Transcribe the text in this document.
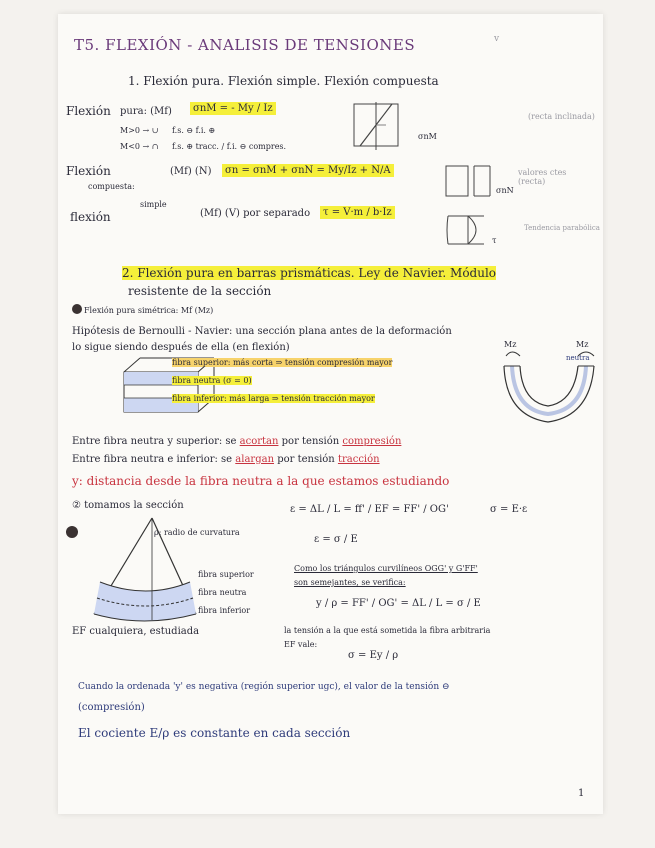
T5. FLEXIÓN - ANALISIS DE TENSIONES	v
1. Flexión pura. Flexión simple. Flexión compuesta
Flexión pura: (Mf)	σnM = - My / Iz
M>0 → ∪ f.s. ⊖ f.i. ⊕
M<0 → ∩ f.s. ⊕ tracc. / f.i. ⊖ compres.
σnM
(recta inclinada)
Flexión
compuesta:
(Mf) (N)	σn = σnM + σnN = My/Iz + N/A
σnN
valores ctes (recta)
flexión
simple
(Mf) (V) por separado	τ = V·m / b·Iz
τ
Tendencia parabólica
2. Flexión pura en barras prismáticas. Ley de Navier. Módulo
resistente de la sección
Flexión pura simétrica: Mf (Mz)
Hipótesis de Bernoulli - Navier: una sección plana antes de la deformación
lo sigue siendo después de ella (en flexión)
fibra superior: más corta ⇒ tensión compresión mayor
fibra neutra (σ = 0)
fibra inferior: más larga ⇒ tensión tracción mayor
Mz	Mz
neutra
Entre fibra neutra y superior: se acortan por tensión compresión
Entre fibra neutra e inferior: se alargan por tensión tracción
y: distancia desde la fibra neutra a la que estamos estudiando
② tomamos la sección
ρ: radio de curvatura
fibra superior
fibra neutra
fibra inferior
EF cualquiera, estudiada
ε = ΔL / L = ff' / EF = FF' / OG'	σ = E·ε
ε = σ / E
Como los triángulos curvilíneos OGG' y G'FF'
son semejantes, se verifica:
y / ρ = FF' / OG' = ΔL / L = σ / E
la tensión a la que está sometida la fibra arbitraria
EF vale:
σ = Ey / ρ
Cuando la ordenada 'y' es negativa (región superior ugc), el valor de la tensión ⊖
(compresión)
El cociente E/ρ es constante en cada sección
1
